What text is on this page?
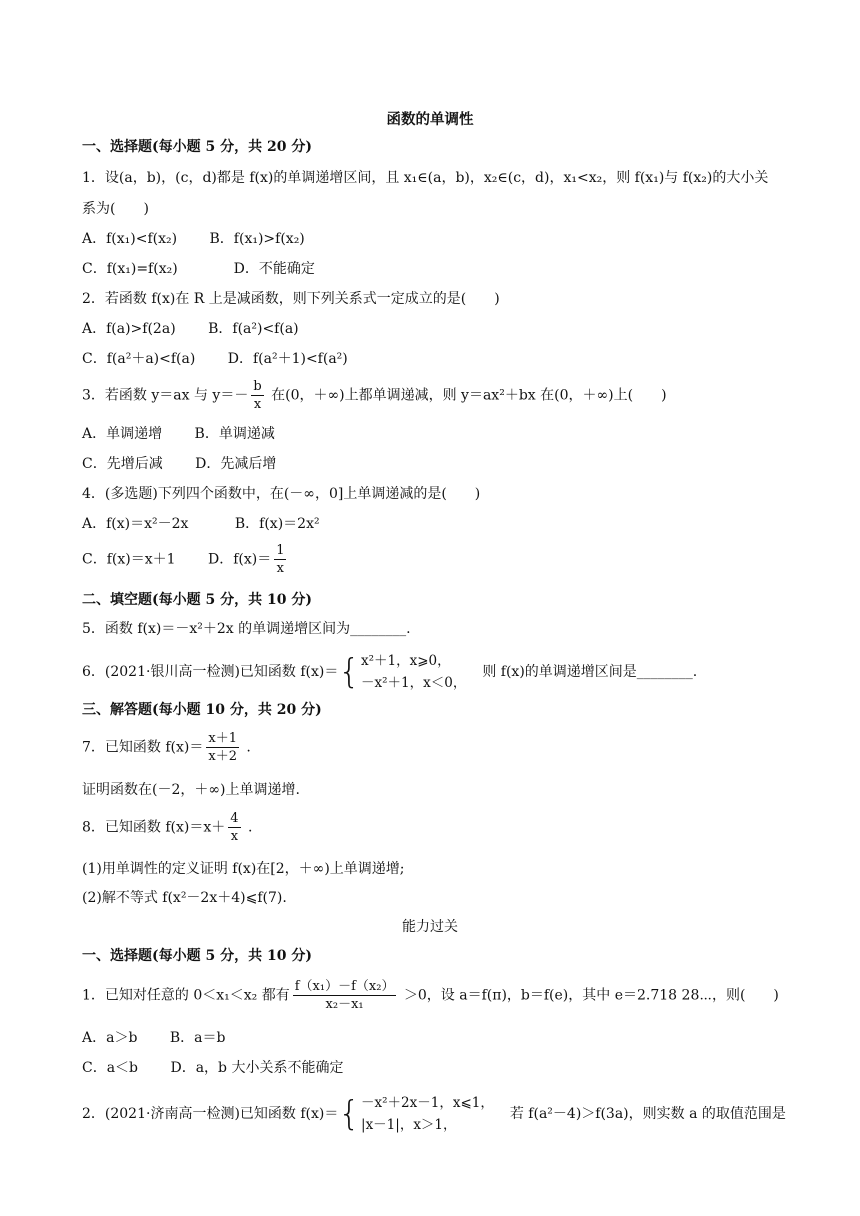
函数的单调性
一、选择题(每小题 5 分，共 20 分)
1．设(a，b)，(c，d)都是 f(x)的单调递增区间，且 x₁∈(a，b)，x₂∈(c，d)，x₁<x₂，则 f(x₁)与 f(x₂)的大小关
系为(　　)
A．f(x₁)<f(x₂)　　 B．f(x₁)>f(x₂)
C．f(x₁)=f(x₂)　　　　D．不能确定
2．若函数 f(x)在 R 上是减函数，则下列关系式一定成立的是(　　)
A．f(a)>f(2a)　　 B．f(a²)<f(a)
C．f(a²＋a)<f(a)　　 D．f(a²＋1)<f(a²)
3．若函数 y＝ax 与 $y=- \frac{b}{x}$ 在(0，＋∞)上都单调递减，则 y＝ax²＋bx 在(0，＋∞)上(　　)
A．单调递增　　 B．单调递减
C．先增后减　　 D．先减后增
4．(多选题)下列四个函数中，在(－∞，0]上单调递减的是(　　)
A．f(x)＝x²－2x　　　 B．f(x)＝2x²
C．f(x)＝x＋1　　 D．$f(x)= \frac{1}{x}$
二、填空题(每小题 5 分，共 10 分)
5．函数 f(x)＝－x²＋2x 的单调递增区间为________.
6．(2021·银川高一检测)已知函数 f(x)＝{ x²＋1，x⩾0，
－x²＋1，x＜0，
则 f(x)的单调递增区间是________.
三、解答题(每小题 10 分，共 20 分)
7．已知函数 $f(x)= \frac{x+1}{x+2}$ .
证明函数在(－2，＋∞)上单调递增.
8．已知函数 $f(x)=x+ \frac{4}{x}$ .
(1)用单调性的定义证明 f(x)在[2，＋∞)上单调递增;
(2)解不等式 f(x²－2x＋4)⩽f(7).
能力过关
一、选择题(每小题 5 分，共 10 分)
1．已知对任意的 0＜x₁＜x₂ 都有 $\frac{\text{f（x₁）－f（x₂）}}{\text{x₂－x₁}} >0$，设 a＝f(π)，b＝f(e)，其中 e＝2.718 28⋯，则(　　)
A．a＞b　　 B．a＝b
C．a＜b　　 D．a，b 大小关系不能确定
2．(2021·济南高一检测)已知函数 f(x)＝{ －x²＋2x－1，x⩽1，
|x－1|，x＞1，
若 f(a²－4)＞f(3a)，则实数 a 的取值范围是
